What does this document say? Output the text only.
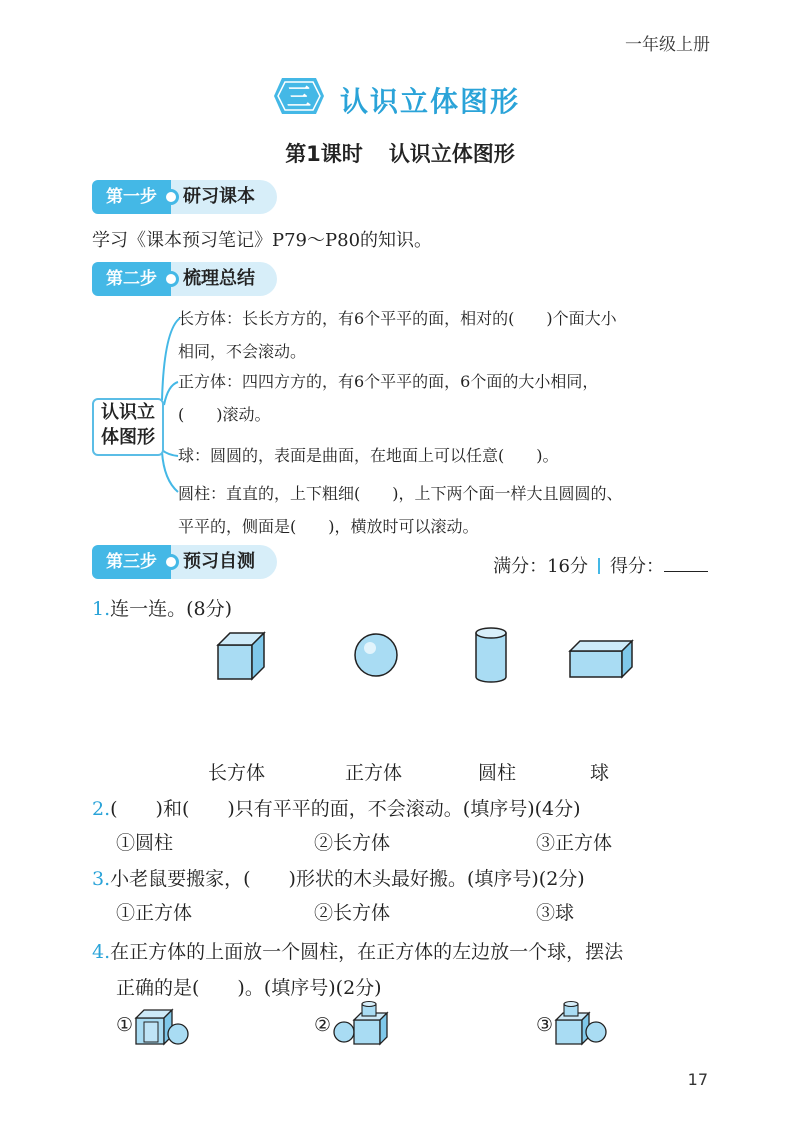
一年级上册
三 认识立体图形
第1课时 认识立体图形
第一步	研习课本
学习《课本预习笔记》P79～P80的知识。
第二步	梳理总结
认识立
体图形
长方体：长长方方的，有6个平平的面，相对的(　　)个面大小
相同，不会滚动。
正方体：四四方方的，有6个平平的面，6个面的大小相同，
(　　)滚动。
球：圆圆的，表面是曲面，在地面上可以任意(　　)。
圆柱：直直的，上下粗细(　　)，上下两个面一样大且圆圆的、
平平的，侧面是(　　)，横放时可以滚动。
第三步	预习自测	满分：16分 得分：
1.连一连。(8分)
长方体	正方体	圆柱	球
2.(　　)和(　　)只有平平的面，不会滚动。(填序号)(4分)
①圆柱	②长方体	③正方体
3.小老鼠要搬家，(　　)形状的木头最好搬。(填序号)(2分)
①正方体	②长方体	③球
4.在正方体的上面放一个圆柱，在正方体的左边放一个球，摆法
正确的是(　　)。(填序号)(2分)
①	②	③
17
